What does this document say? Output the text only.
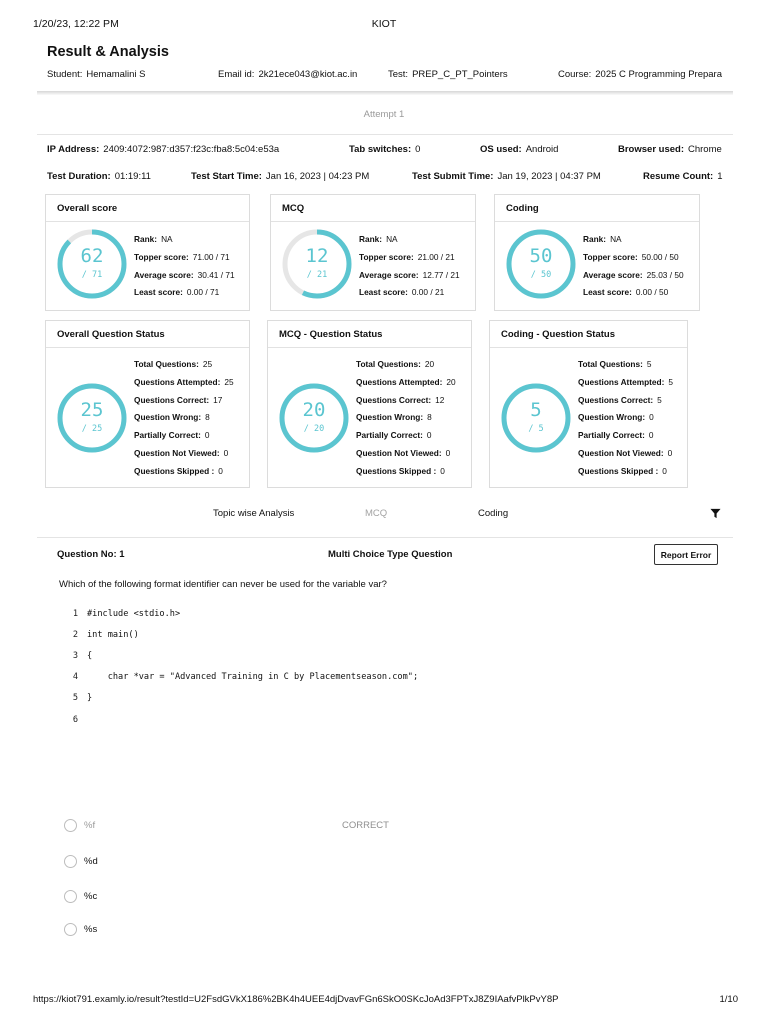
1/20/23, 12:22 PM	KIOT
Result & Analysis
Student: Hemamalini S	Email id: 2k21ece043@kiot.ac.in	Test: PREP_C_PT_Pointers	Course: 2025 C Programming Prepara
Attempt 1
IP Address: 2409:4072:987:d357:f23c:fba8:5c04:e53a	Tab switches: 0	OS used: Android	Browser used: Chrome
Test Duration: 01:19:11	Test Start Time: Jan 16, 2023 | 04:23 PM	Test Submit Time: Jan 19, 2023 | 04:37 PM	Resume Count: 1
Overall score
62
/ 71
Rank: NA
Topper score: 71.00 / 71
Average score: 30.41 / 71
Least score: 0.00 / 71
MCQ
12
/ 21
Rank: NA
Topper score: 21.00 / 21
Average score: 12.77 / 21
Least score: 0.00 / 21
Coding
50
/ 50
Rank: NA
Topper score: 50.00 / 50
Average score: 25.03 / 50
Least score: 0.00 / 50
Overall Question Status
25
/ 25
Total Questions: 25
Questions Attempted: 25
Questions Correct: 17
Question Wrong: 8
Partially Correct: 0
Question Not Viewed: 0
Questions Skipped : 0
MCQ - Question Status
20
/ 20
Total Questions: 20
Questions Attempted: 20
Questions Correct: 12
Question Wrong: 8
Partially Correct: 0
Question Not Viewed: 0
Questions Skipped : 0
Coding - Question Status
5
/ 5
Total Questions: 5
Questions Attempted: 5
Questions Correct: 5
Question Wrong: 0
Partially Correct: 0
Question Not Viewed: 0
Questions Skipped : 0
Topic wise Analysis	MCQ	Coding
Question No: 1	Multi Choice Type Question	Report Error
Which of the following format identifier can never be used for the variable var?

1 #include <stdio.h>

2 int main()

3 {

4    char *var = "Advanced Training in C by Placementseason.com";

5 }

6

%f	CORRECT
%d
%c
%s
https://kiot791.examly.io/result?testId=U2FsdGVkX186%2BK4h4UEE4djDvavFGn6SkO0SKcJoAd3FPTxJ8Z9IAafvPlkPvY8P	1/10
